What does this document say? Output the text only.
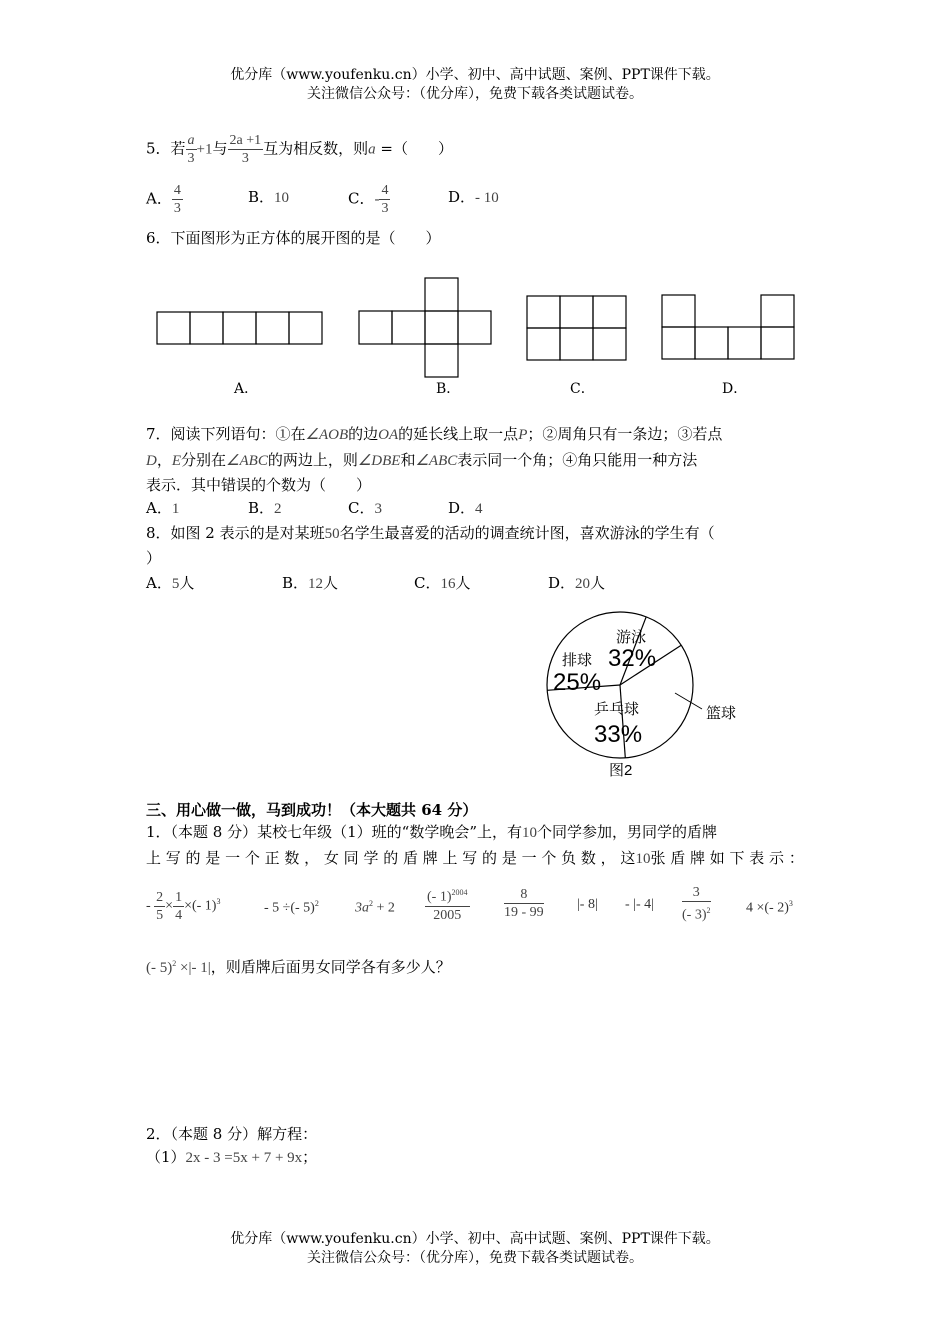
优分库（www.youfenku.cn）小学、初中、高中试题、案例、PPT课件下载。
关注微信公众号：（优分库），免费下载各类试题试卷。
5．若 $\frac{a}{3} +1$与 $\frac{2a +1}{3}$ 互为相反数，则a =（　　）
A． $\frac{4}{3}$	B．10	C．- $\frac{4}{3}$	D．- 10
6．下面图形为正方体的展开图的是（　　）
A．	B．	C．	D．
7．阅读下列语句：①在∠AOB的边OA的延长线上取一点P；②周角只有一条边；③若点
D，E分别在∠ABC的两边上，则∠DBE和∠ABC表示同一个角；④角只能用一种方法
表示．其中错误的个数为（　　）
A．1	B．2	C．3	D．4
8．如图 2 表示的是对某班50名学生最喜爱的活动的调查统计图，喜欢游泳的学生有（
）
A．5人	B．12人	C．16人	D．20人
游泳
32%
排球
25%
乒乓球
33%
篮球
图2
三、用心做一做，马到成功！（本大题共 64 分）
1．（本题 8 分）某校七年级（1）班的“数学晚会”上，有10个同学参加，男同学的盾牌
上 写 的 是 一 个 正 数 ， 女 同 学 的 盾 牌 上 写 的 是 一 个 负 数 ， 这10张 盾 牌 如 下 表 示 ：
- $\frac{2}{5} \times \frac{1}{4}$ ×(- 1)$^3$	- 5 ÷(- 5)$^2$	$3a^2 + 2 \frac{(- 1)^{2004}}{2005} \frac{8}{19 - 99}$ |- 8| - |- $4| \frac{3}{(- 3)^2}$	4 ×(- 2)$^3$
(- 5)$^2$ ×|- 1|，则盾牌后面男女同学各有多少人？
2．（本题 8 分）解方程：
（1）2x - 3 =5x + 7 + 9x；
优分库（www.youfenku.cn）小学、初中、高中试题、案例、PPT课件下载。
关注微信公众号：（优分库），免费下载各类试题试卷。
